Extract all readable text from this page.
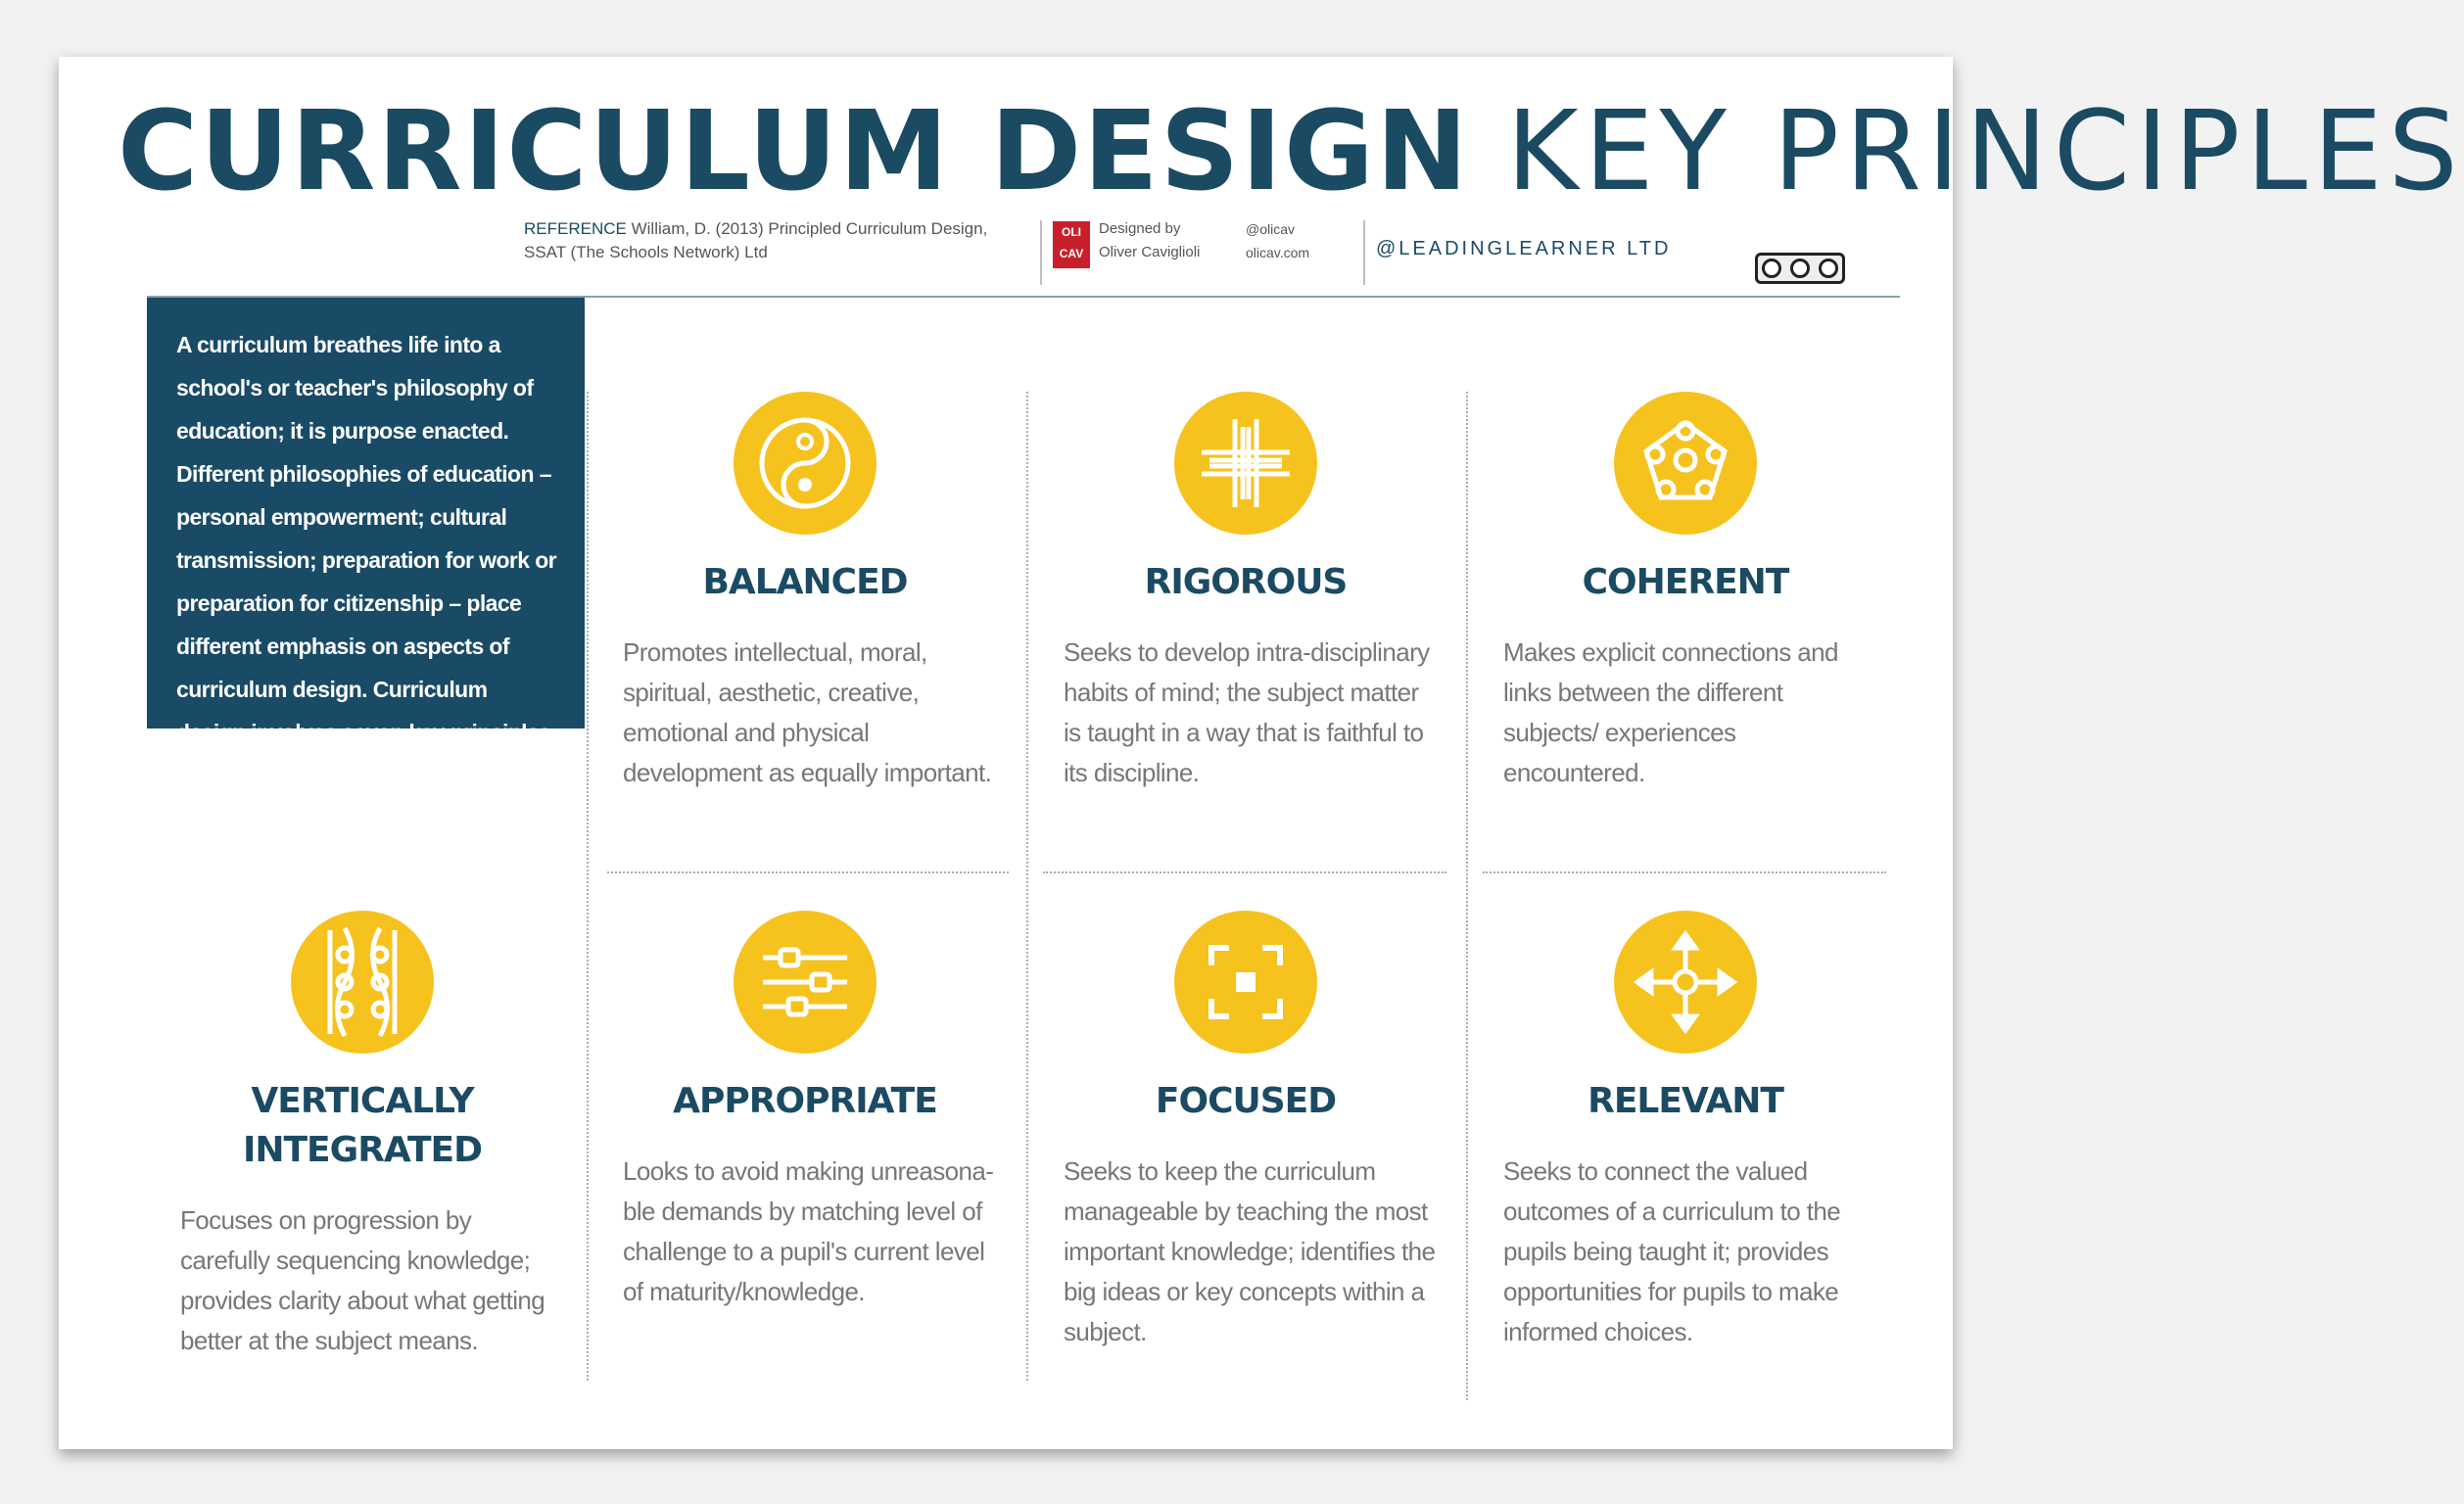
CURRICULUM DESIGN KEY PRINCIPLES
REFERENCE William, D. (2013) Principled Curriculum Design,
SSAT (The Schools Network) Ltd
OLI
CAV
Designed by
Oliver Caviglioli
@olicav
olicav.com	@LEADINGLEARNER LTD
A curriculum breathes life into a school's or teacher's philosophy of education; it is purpose enacted. Different philosophies of education – personal empowerment; cultural transmission; preparation for work or preparation for citizenship – place different emphasis on aspects of curriculum design. Curriculum design involves seven key principles which operate in tension with each other.
BALANCED

Promotes intellectual, moral, spiritual, aesthetic, creative, emotional and physical development as equally important.

RIGOROUS

Seeks to develop intra-disciplinary habits of mind; the subject matter is taught in a way that is faithful to its discipline.

COHERENT

Makes explicit connections and links between the different subjects/ experiences encountered.

VERTICALLY INTEGRATED

Focuses on progression by carefully sequencing knowledge; provides clarity about what getting better at the subject means.

APPROPRIATE

Looks to avoid making unreasona-ble demands by matching level of challenge to a pupil's current level of maturity/knowledge.

FOCUSED

Seeks to keep the curriculum manageable by teaching the most important knowledge; identifies the big ideas or key concepts within a subject.

RELEVANT

Seeks to connect the valued outcomes of a curriculum to the pupils being taught it; provides opportunities for pupils to make informed choices.
